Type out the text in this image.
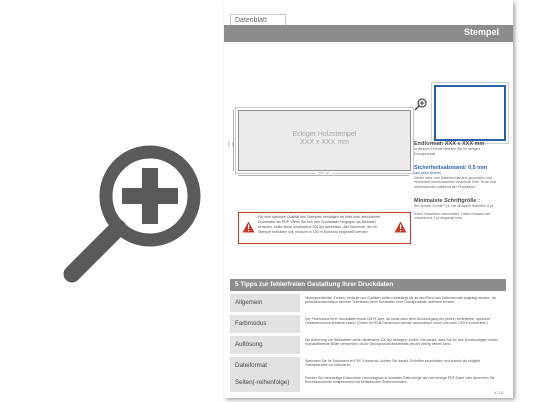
Datenblatt
Stempel
XXX mm
Eckiger Holzstempel
XXX x XXX mm
XXX mm
Für eine optimale Qualität des Stempels benötigen wir bitte eine vektorisierte Druckdatei als PDF. Wenn Sie uns Ihre Druckdaten hingegen als Bilddatei schicken, sollte diese mindestens 300 dpi aufweisen. Alle Elemente, die Ihr Stempel enthalten soll, müssen in 100 % Schwarz eingestellt werden.
Endformat: XXX x XXX mm
In diesem Format erhalten Sie Ihr fertiges Druckprodukt.
Sicherheitsabstand: 0,5 mm
(auf allen Seiten)
Dieser wird vom Datenformat aus gemessen und verhindert unerwünschten Anschnitt Ihrer Texte und Informationen während der Produktion.
Minimalste Schriftgröße :
Bei dünner Schrift 7 pt, bei dickeren Schriften 6 pt.
Keine Haarlinien verwenden. Linien müssen mit mindestens 1 pt angelegt sein.
5 Tipps zur fehlerfreien Gestaltung Ihrer Druckdaten
Allgemein
Hintergrundbilder, Farben, Verläufe und Grafiken sollten unbedingt bis an den Rand des Datenformats angelegt werden, da produktionstechnisch kleinere Toleranzen beim Schneiden Ihrer Druckprodukte auftreten können.
Farbmodus
Der Farbmodus Ihrer Druckdaten muss CMYK sein, da sonst nach dem Druckvorgang ein (leicht) veränderter, optischer Gesamteindruck entstehen kann. (Daten im RGB-Farbmodus werden automatisch durch uns nach CMYK konvertiert.)
Auflösung
Die Auflösung von Bilddateien sollte mindestens 300 dpi betragen. Achten Sie darauf, dass Sie für Ihre Druckvorlagen immer hochauflösende Bilder verwenden, da Ihr Druckprodukt andernfalls (leicht) pixelig wirken kann.
Dateiformat
Speichern Sie Ihr Dokument im PDF-Format ab. Achten Sie darauf, Schriften einzubetten und sowohl als möglich Transparenzen zu reduzieren.
Seiten(-reihenfolge)
Senden Sie mehrseitige Dokumente chronologisch in korrekter Reihenfolge als eine einzige PDF-Datei oder benennen Sie Einzeldokumente entsprechend mit fortlaufenden Seitennummern.
V. 1.0
